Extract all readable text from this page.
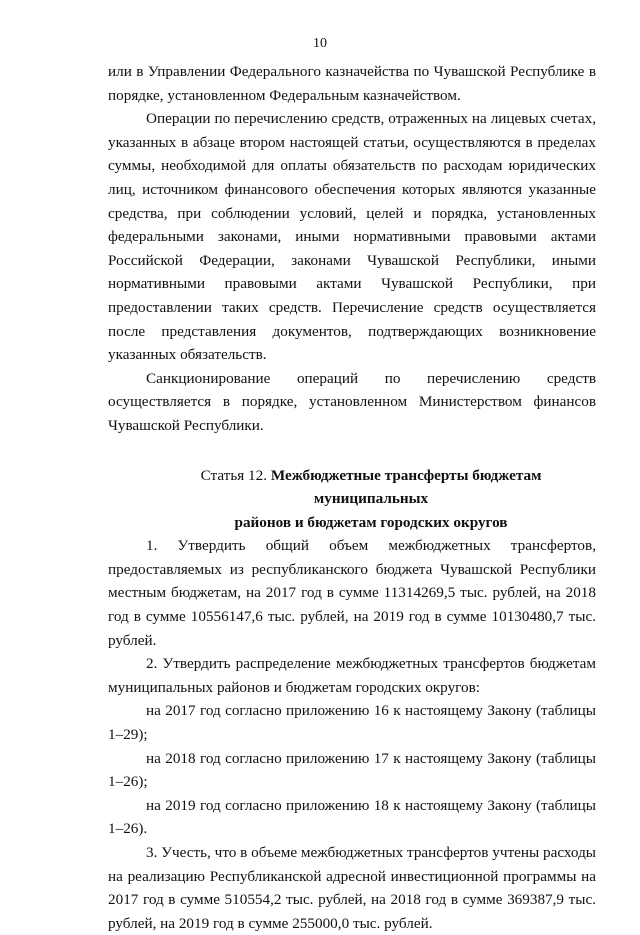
10

или в Управлении Федерального казначейства по Чувашской Республике в порядке, установленном Федеральным казначейством.

Операции по перечислению средств, отраженных на лицевых счетах, указанных в абзаце втором настоящей статьи, осуществляются в пределах суммы, необходимой для оплаты обязательств по расходам юридических лиц, источником финансового обеспечения которых являются указанные средства, при соблюдении условий, целей и порядка, установленных федеральными законами, иными нормативными правовыми актами Российской Федерации, законами Чувашской Республики, иными нормативными правовыми актами Чувашской Республики, при предоставлении таких средств. Перечисление средств осуществляется после представления документов, подтверждающих возникновение указанных обязательств.

Санкционирование операций по перечислению средств осуществляется в порядке, установленном Министерством финансов Чувашской Республики.

Статья 12. Межбюджетные трансферты бюджетам муниципальных
районов и бюджетам городских округов

1. Утвердить общий объем межбюджетных трансфертов, предоставляемых из республиканского бюджета Чувашской Республики местным бюджетам, на 2017 год в сумме 11314269,5 тыс. рублей, на 2018 год в сумме 10556147,6 тыс. рублей, на 2019 год в сумме 10130480,7 тыс. рублей.

2. Утвердить распределение межбюджетных трансфертов бюджетам муниципальных районов и бюджетам городских округов:

на 2017 год согласно приложению 16 к настоящему Закону (таблицы 1–29);

на 2018 год согласно приложению 17 к настоящему Закону (таблицы 1–26);

на 2019 год согласно приложению 18 к настоящему Закону (таблицы 1–26).

3. Учесть, что в объеме межбюджетных трансфертов учтены расходы на реализацию Республиканской адресной инвестиционной программы на 2017 год в сумме 510554,2 тыс. рублей, на 2018 год в сумме 369387,9 тыс. рублей, на 2019 год в сумме 255000,0 тыс. рублей.
